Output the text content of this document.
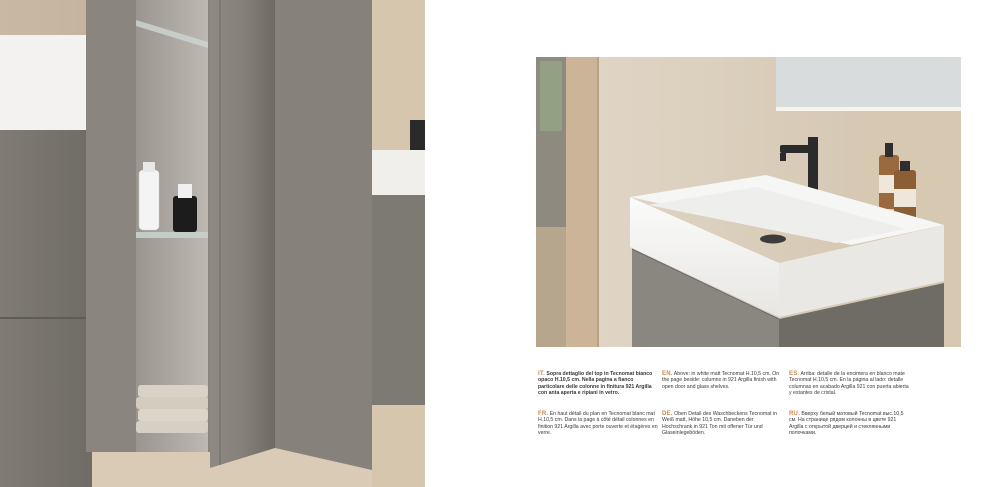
IT. Sopra dettaglio del top in Tecnomat bianco opaco H.10,5 cm. Nella pagina a fianco particolare delle colonne in finitura 921 Argilla con anta aperta e ripiani in vetro.
EN. Above: in white matt Tecnomat H.10,5 cm. On the page beside: columns in 921 Argilla finish with open door and glass shelves.
ES. Arriba: detalle de la encimera en blanco mate Tecnomat H.10,5 cm. En la página al lado: detalle columnas en acabado Argilla 921 con puerta abierta y estantes de cristal.
FR. En haut détail du plan en Tecnomat blanc mat H.10,5 cm. Dans la page à côté détail colonnes en finition 921 Argilla avec porte ouverte et étagères en verre.
DE. Oben Detail des Waschbeckens Tecnomat in Weiß matt, Höhe 10,5 cm. Daneben der Hochschrank in 921 Ton mit offener Tür und Glaseinlegeböden.
RU. Вверху белый матовый Tecnomat выс.10,5 см. На странице рядом колонны в цвете 921 Argilla с открытой дверцей и стеклянными полочками.
